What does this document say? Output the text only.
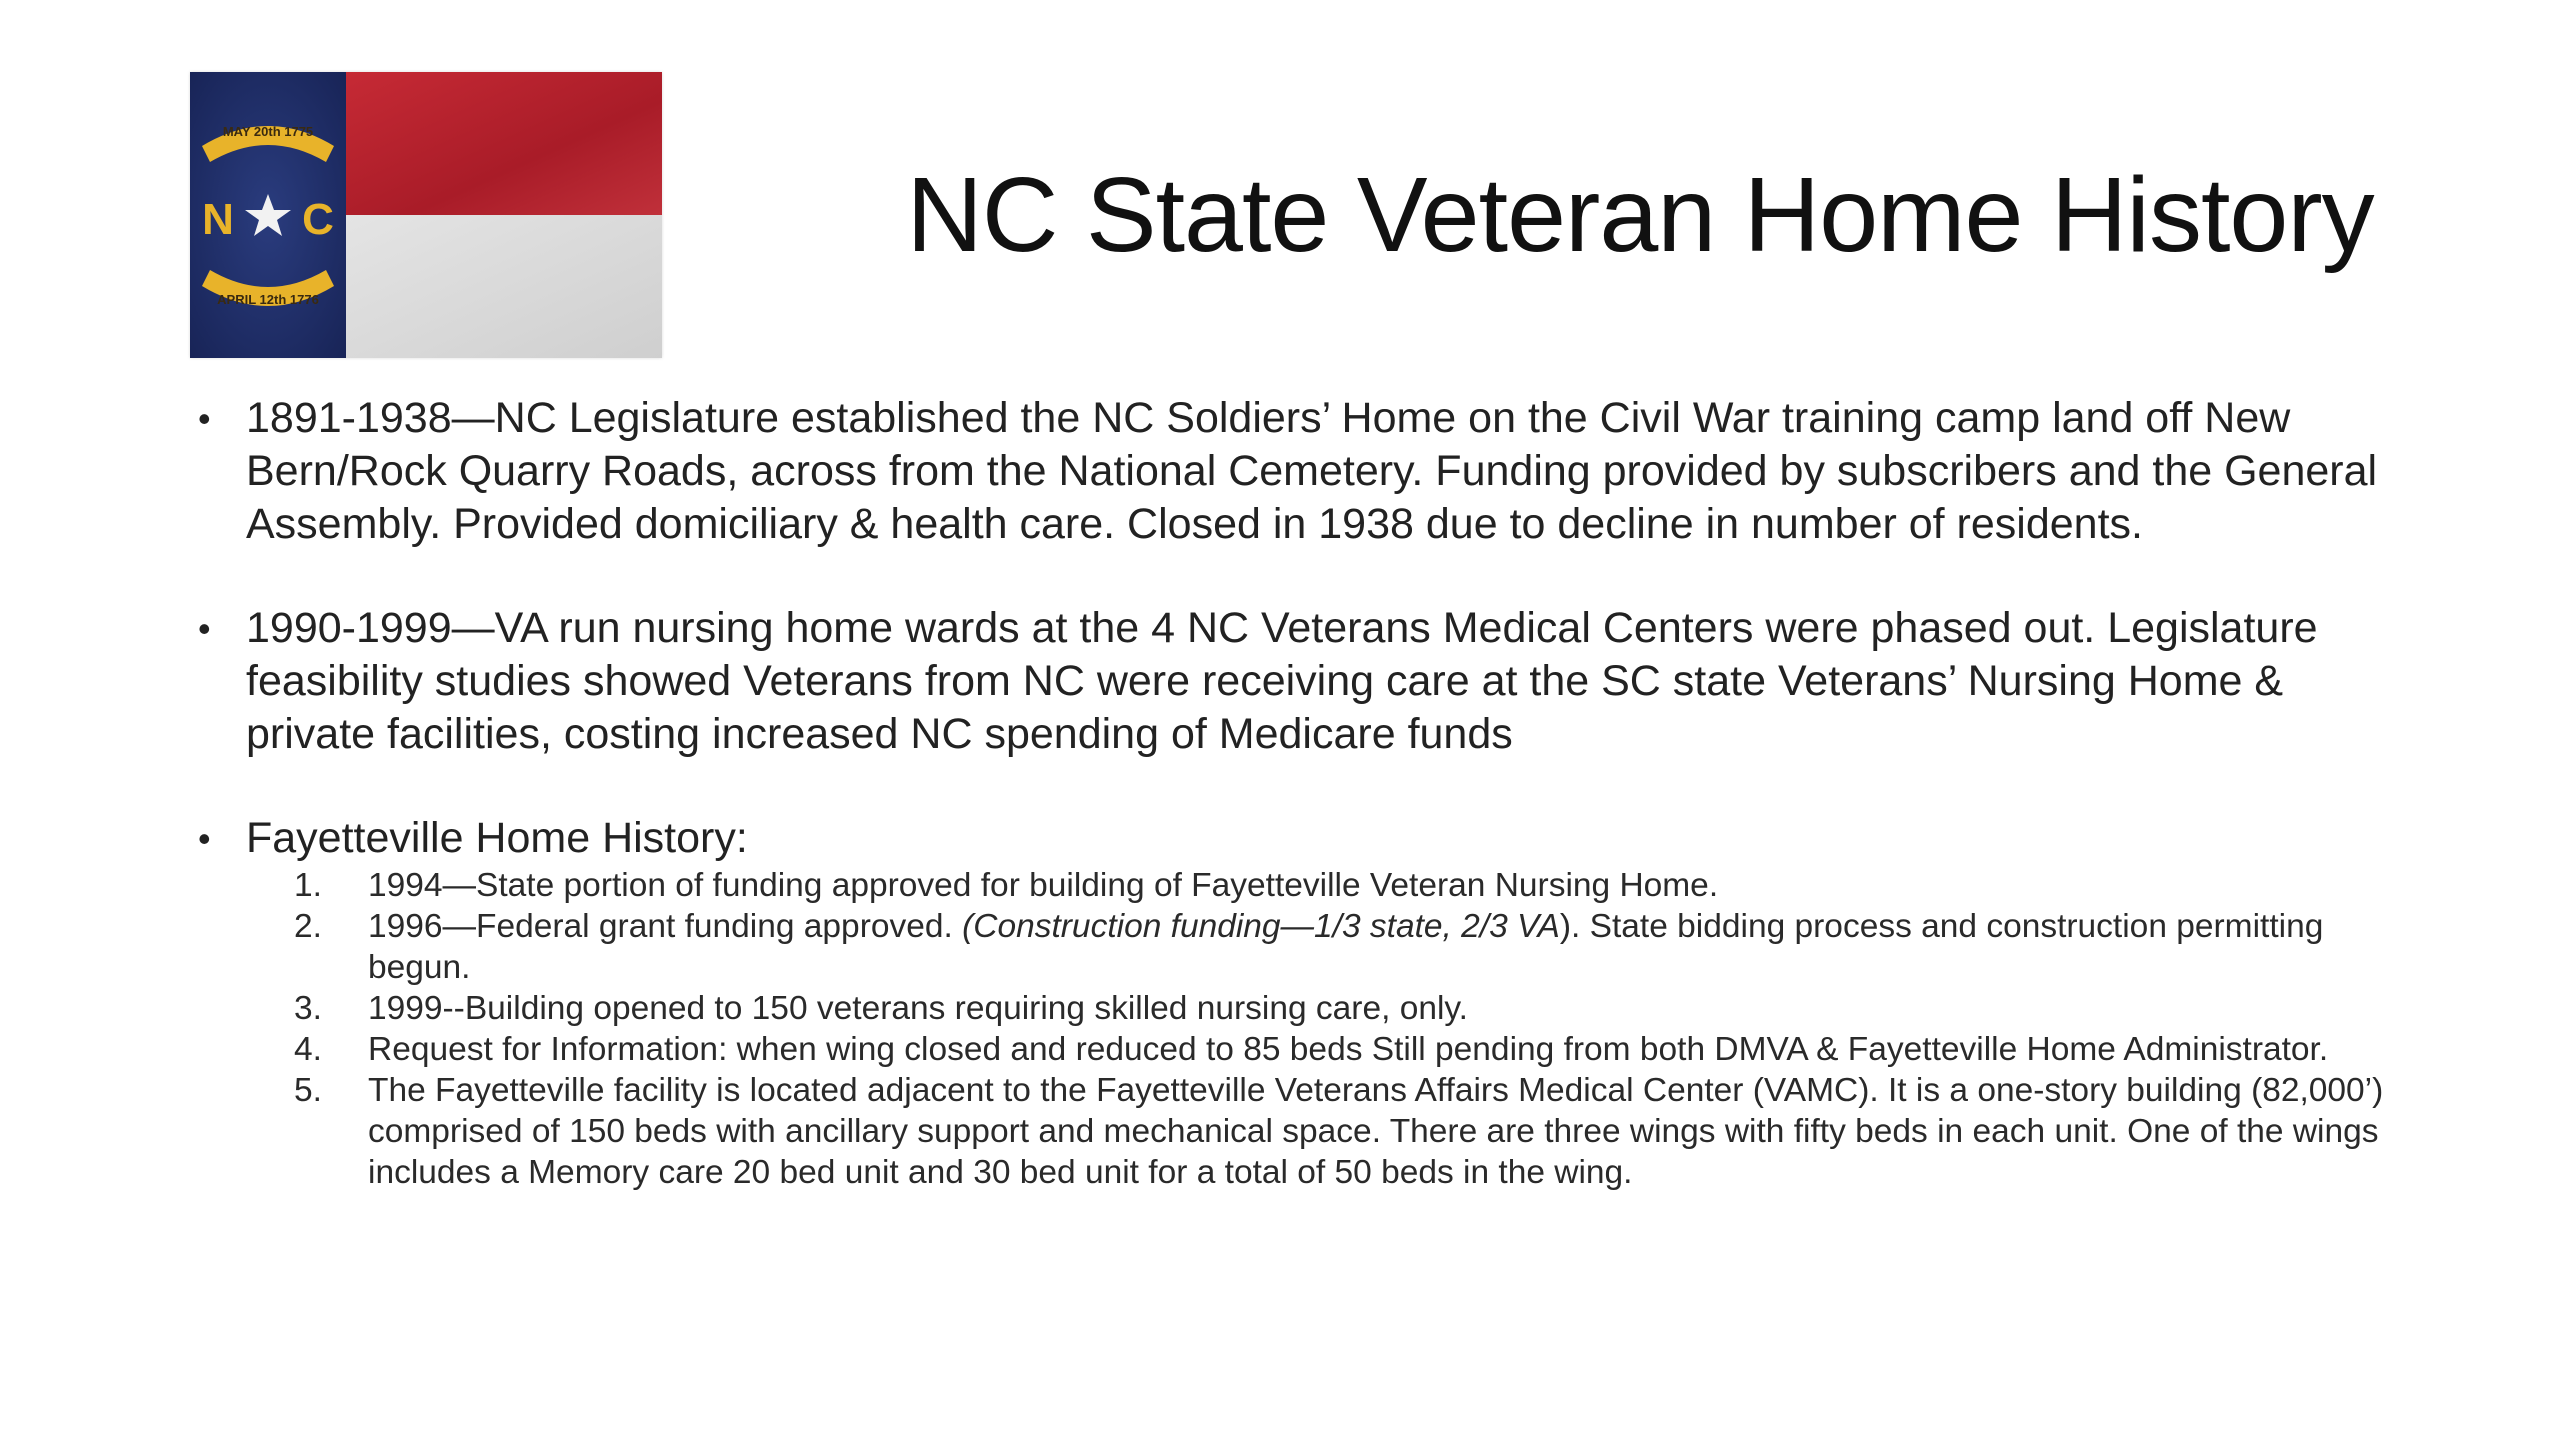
MAY 20th 1775
APRIL 12th 1776
N C	NC State Veteran Home History
• 1891-1938—NC Legislature established the NC Soldiers’ Home on the Civil War training camp land off New Bern/Rock Quarry Roads, across from the National Cemetery. Funding provided by subscribers and the General Assembly. Provided domiciliary & health care. Closed in 1938 due to decline in number of residents.
• 1990-1999—VA run nursing home wards at the 4 NC Veterans Medical Centers were phased out. Legislature feasibility studies showed Veterans from NC were receiving care at the SC state Veterans’ Nursing Home & private facilities, costing increased NC spending of Medicare funds
• Fayetteville Home History:
1. 1994—State portion of funding approved for building of Fayetteville Veteran Nursing Home.
2. 1996—Federal grant funding approved. (Construction funding—1/3 state, 2/3 VA). State bidding process and construction permitting begun.
3. 1999--Building opened to 150 veterans requiring skilled nursing care, only.
4. Request for Information: when wing closed and reduced to 85 beds Still pending from both DMVA & Fayetteville Home Administrator.
5. The Fayetteville facility is located adjacent to the Fayetteville Veterans Affairs Medical Center (VAMC). It is a one-story building (82,000’) comprised of 150 beds with ancillary support and mechanical space. There are three wings with fifty beds in each unit. One of the wings includes a Memory care 20 bed unit and 30 bed unit for a total of 50 beds in the wing.
